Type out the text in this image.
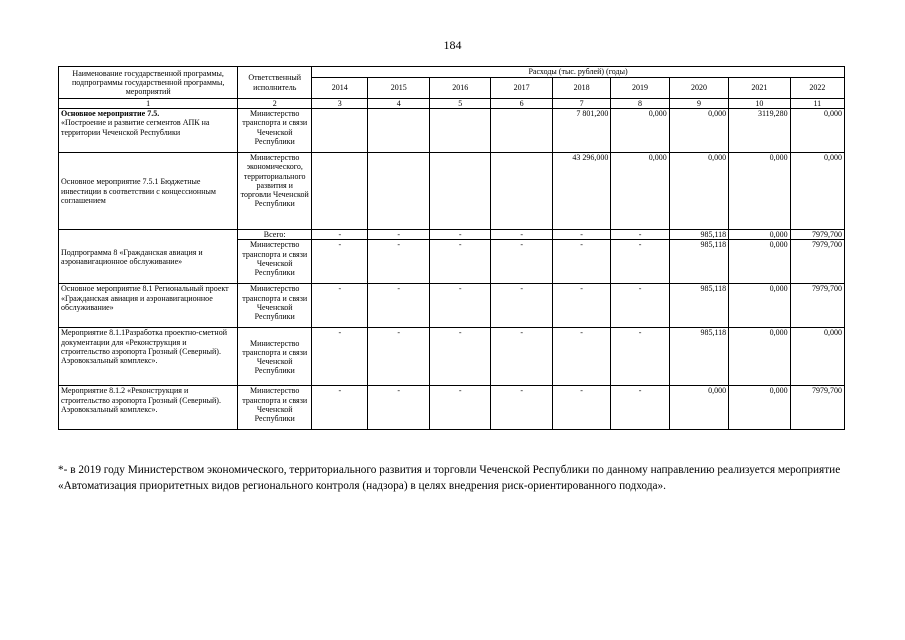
184
Наименование государственной программы, подпрограммы государственной программы, мероприятий	Ответственный исполнитель	Расходы (тыс. рублей) (годы)								
		2014	2015	2016	2017	2018	2019	2020	2021	2022
1	2	3	4	5	6	7	8	9	10	11
Основное мероприятие 7.5.
«Построение и развитие сегментов АПК на территории Чеченской Республики	Министерство транспорта и связи Чеченской Республики					7 801,200	0,000	0,000	3119,280	0,000
Основное мероприятие 7.5.1 Бюджетные инвестиции в соответствии с концессионным соглашением	Министерство экономического, территориального развития и торговли Чеченской Республики					43 296,000	0,000	0,000	0,000	0,000
Подпрограмма 8 «Гражданская авиация и аэронавигационное обслуживание»	Всего:	-	-	-	-	-	-	985,118	0,000	7979,700
	Министерство транспорта и связи Чеченской Республики	-	-	-	-	-	-	985,118	0,000	7979,700
Основное мероприятие 8.1 Региональный проект «Гражданская авиация и аэронавигационное обслуживание»	Министерство транспорта и связи Чеченской Республики	-	-	-	-	-	-	985,118	0,000	7979,700
Мероприятие 8.1.1Разработка проектно-сметной документации для «Реконструкция и строительство аэропорта Грозный (Северный). Аэровокзальный комплекс».	Министерство транспорта и связи Чеченской Республики	-	-	-	-	-	-	985,118	0,000	0,000
Мероприятие 8.1.2 «Реконструкция и строительство аэропорта Грозный (Северный). Аэровокзальный комплекс».	Министерство транспорта и связи Чеченской Республики	-	-	-	-	-	-	0,000	0,000	7979,700
*- в 2019 году Министерством экономического, территориального развития и торговли Чеченской Республики по данному направлению реализуется мероприятие «Автоматизация приоритетных видов регионального контроля (надзора) в целях внедрения риск-ориентированного подхода».
